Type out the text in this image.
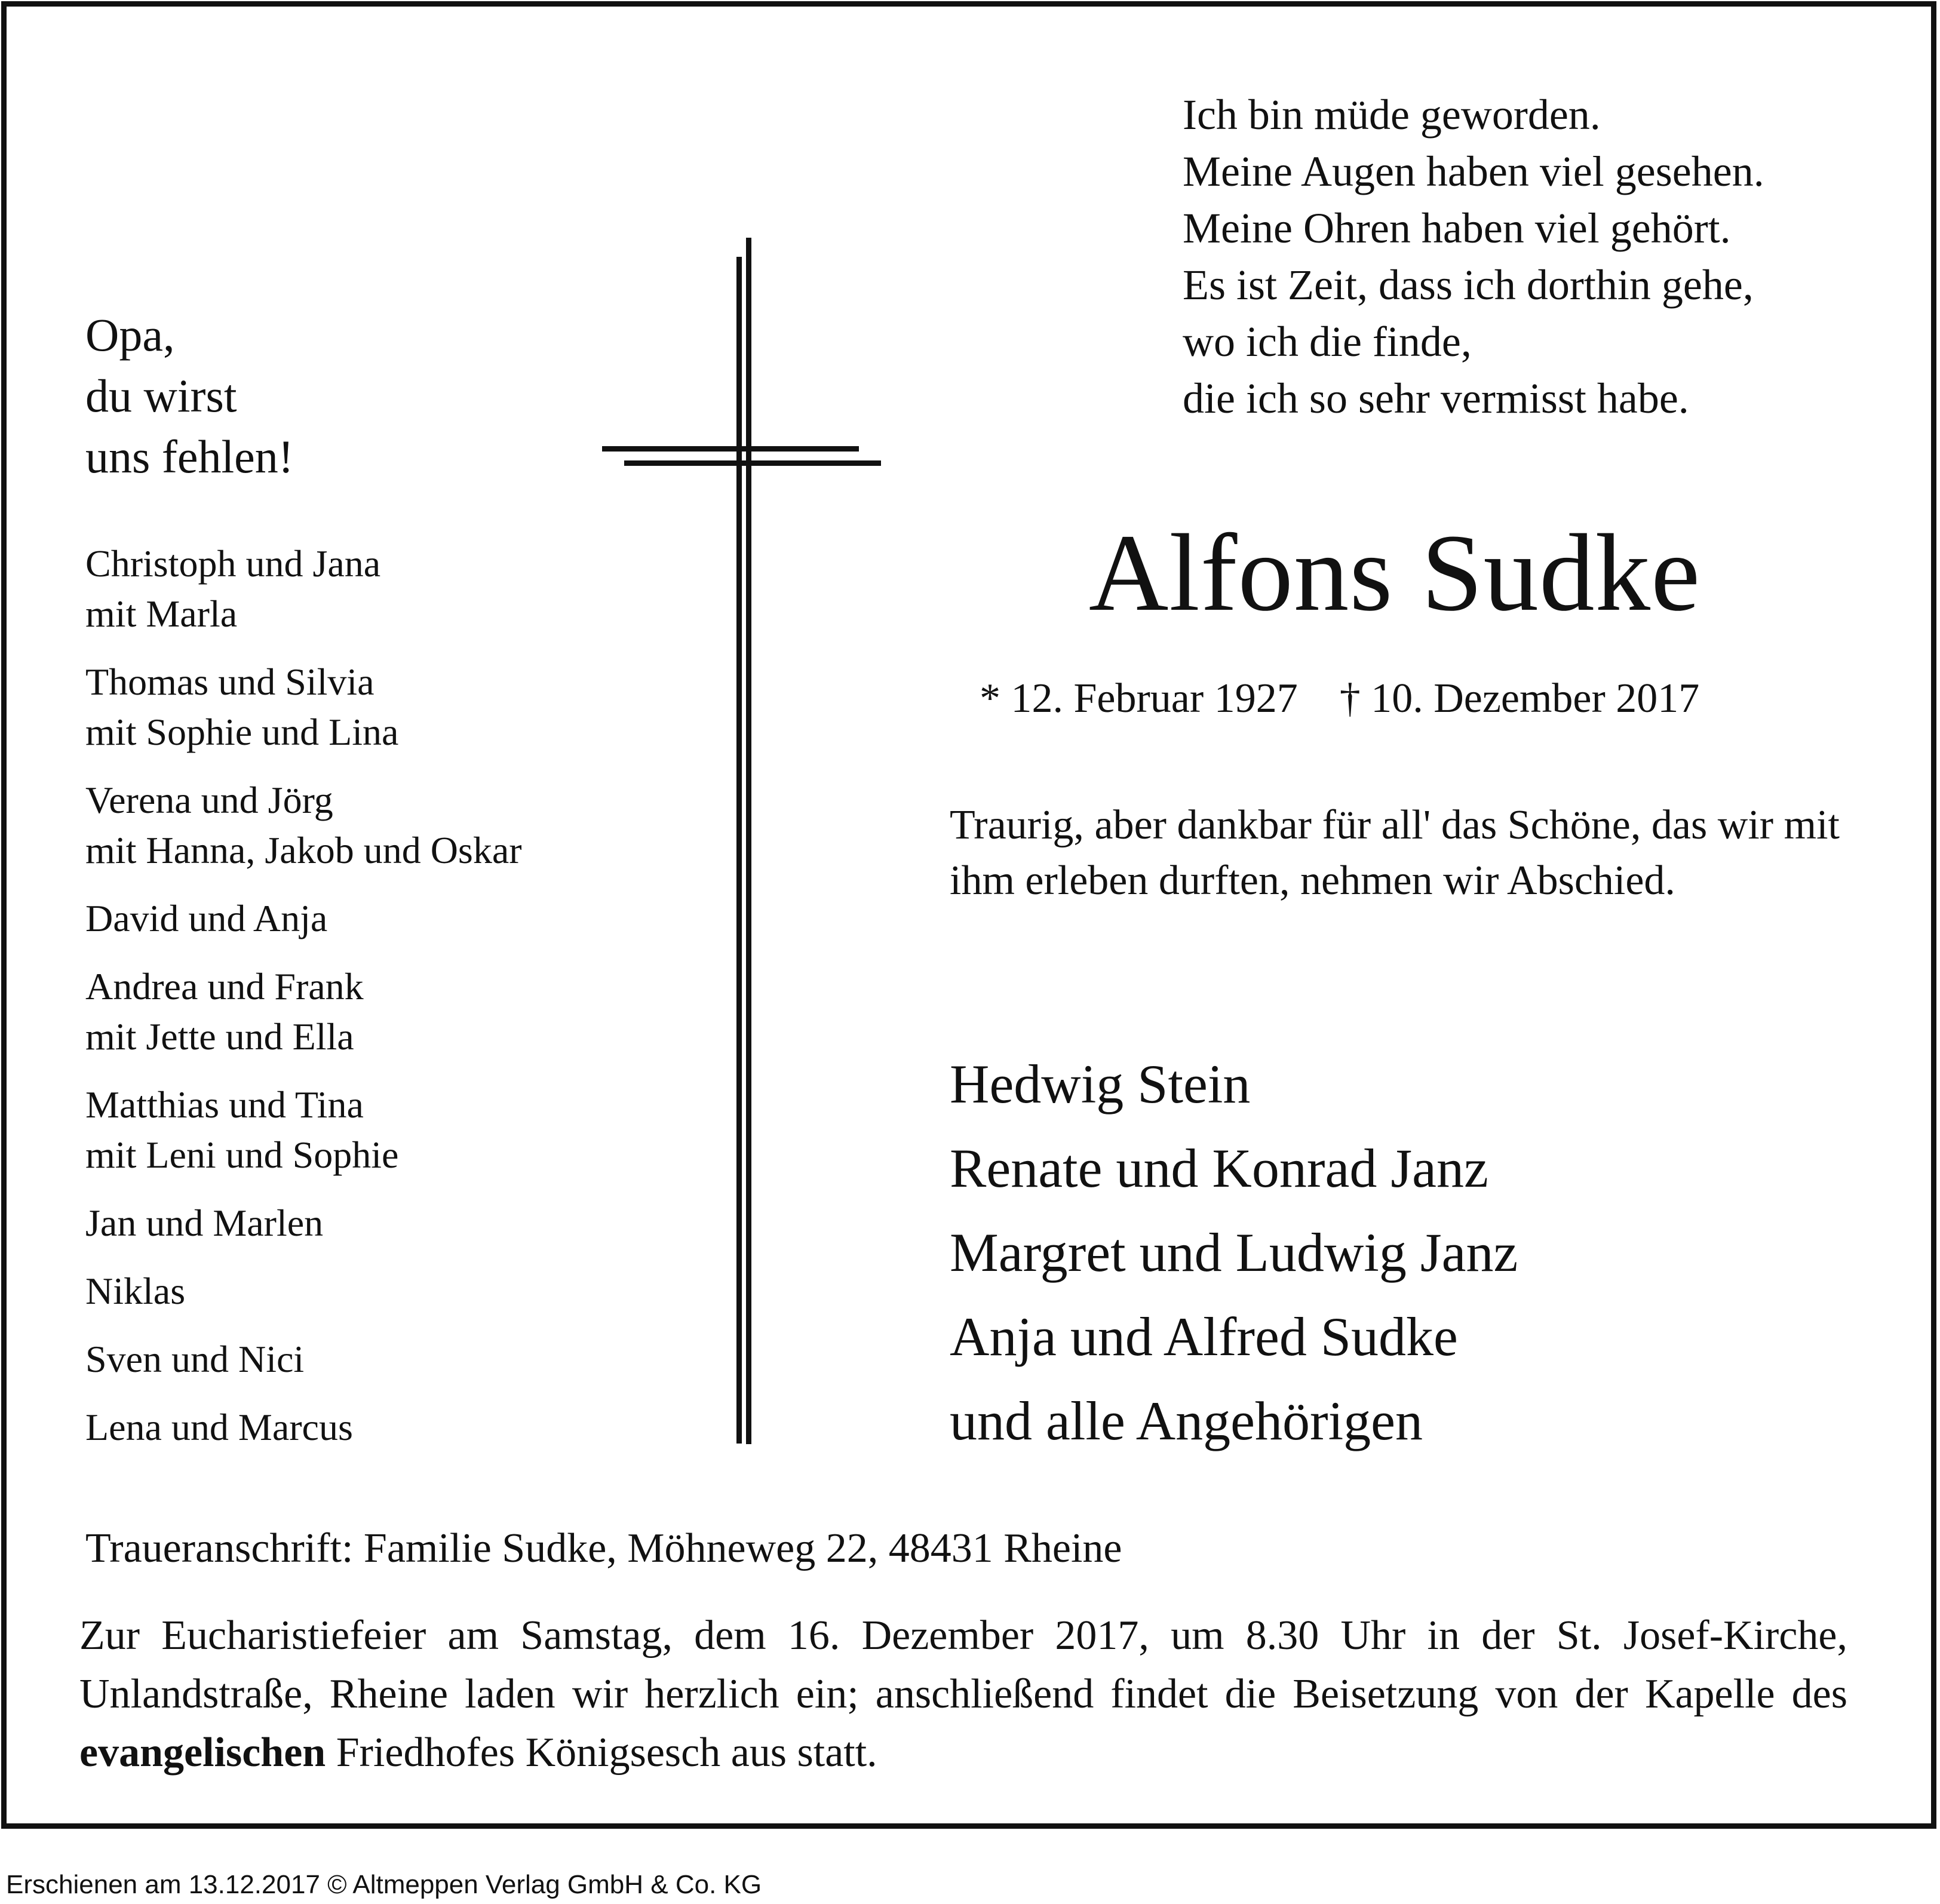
Ich bin müde geworden.
Meine Augen haben viel gesehen.
Meine Ohren haben viel gehört.
Es ist Zeit, dass ich dorthin gehe,
wo ich die finde,
die ich so sehr vermisst habe.
Opa,
du wirst
uns fehlen!
Christoph und Jana
mit Marla
Thomas und Silvia
mit Sophie und Lina
Verena und Jörg
mit Hanna, Jakob und Oskar
David und Anja
Andrea und Frank
mit Jette und Ella
Matthias und Tina
mit Leni und Sophie
Jan und Marlen
Niklas
Sven und Nici
Lena und Marcus
Alfons Sudke
* 12. Februar 1927 † 10. Dezember 2017
Traurig, aber dankbar für all' das Schöne, das wir mit ihm erleben durften, nehmen wir Abschied.
Hedwig Stein
Renate und Konrad Janz
Margret und Ludwig Janz
Anja und Alfred Sudke
und alle Angehörigen
Traueranschrift: Familie Sudke, Möhneweg 22, 48431 Rheine
Zur Eucharistiefeier am Samstag, dem 16. Dezember 2017, um 8.30 Uhr in der St. Josef-Kirche, Unlandstraße, Rheine laden wir herzlich ein; anschließend findet die Beisetzung von der Kapelle des evangelischen Friedhofes Königsesch aus statt.
Erschienen am 13.12.2017 © Altmeppen Verlag GmbH & Co. KG
